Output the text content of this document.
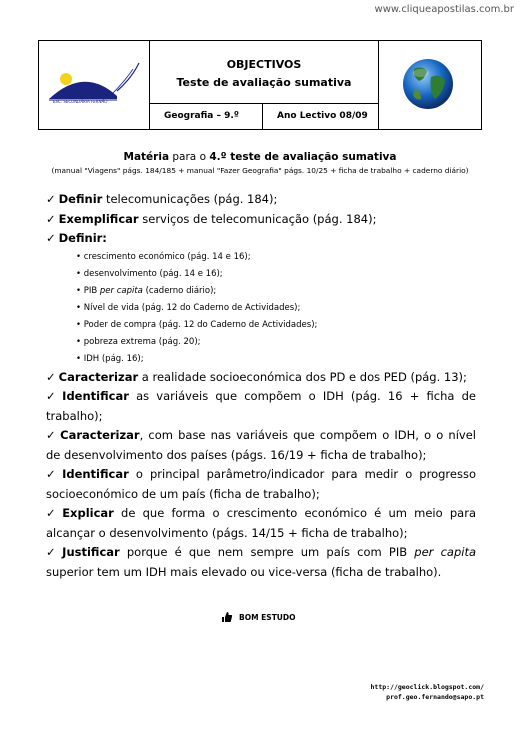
www.cliqueapostilas.com.br
ESC. SECUNDÁRIA FERNÃO
OBJECTIVOS
Teste de avaliação sumativa
Geografia – 9.º	Ano Lectivo 08/09
Matéria para o 4.º teste de avaliação sumativa
(manual "Viagens" págs. 184/185 + manual "Fazer Geografia" págs. 10/25 + ficha de trabalho + caderno diário)
✓ Definir telecomunicações (pág. 184);
✓ Exemplificar serviços de telecomunicação (pág. 184);
✓ Definir:
• crescimento económico (pág. 14 e 16);
• desenvolvimento (pág. 14 e 16);
• PIB per capita (caderno diário);
• Nível de vida (pág. 12 do Caderno de Actividades);
• Poder de compra (pág. 12 do Caderno de Actividades);
• pobreza extrema (pág. 20);
• IDH (pág. 16);
✓ Caracterizar a realidade socioeconómica dos PD e dos PED (pág. 13);
✓ Identificar as variáveis que compõem o IDH (pág. 16 + ficha de trabalho);
✓ Caracterizar, com base nas variáveis que compõem o IDH, o o nível de desenvolvimento dos países (págs. 16/19 + ficha de trabalho);
✓ Identificar o principal parâmetro/indicador para medir o progresso socioeconómico de um país (ficha de trabalho);
✓ Explicar de que forma o crescimento económico é um meio para alcançar o desenvolvimento (págs. 14/15 + ficha de trabalho);
✓ Justificar porque é que nem sempre um país com PIB per capita superior tem um IDH mais elevado ou vice-versa (ficha de trabalho).
BOM ESTUDO
http://geoclick.blogspot.com/
prof.geo.fernando@sapo.pt
